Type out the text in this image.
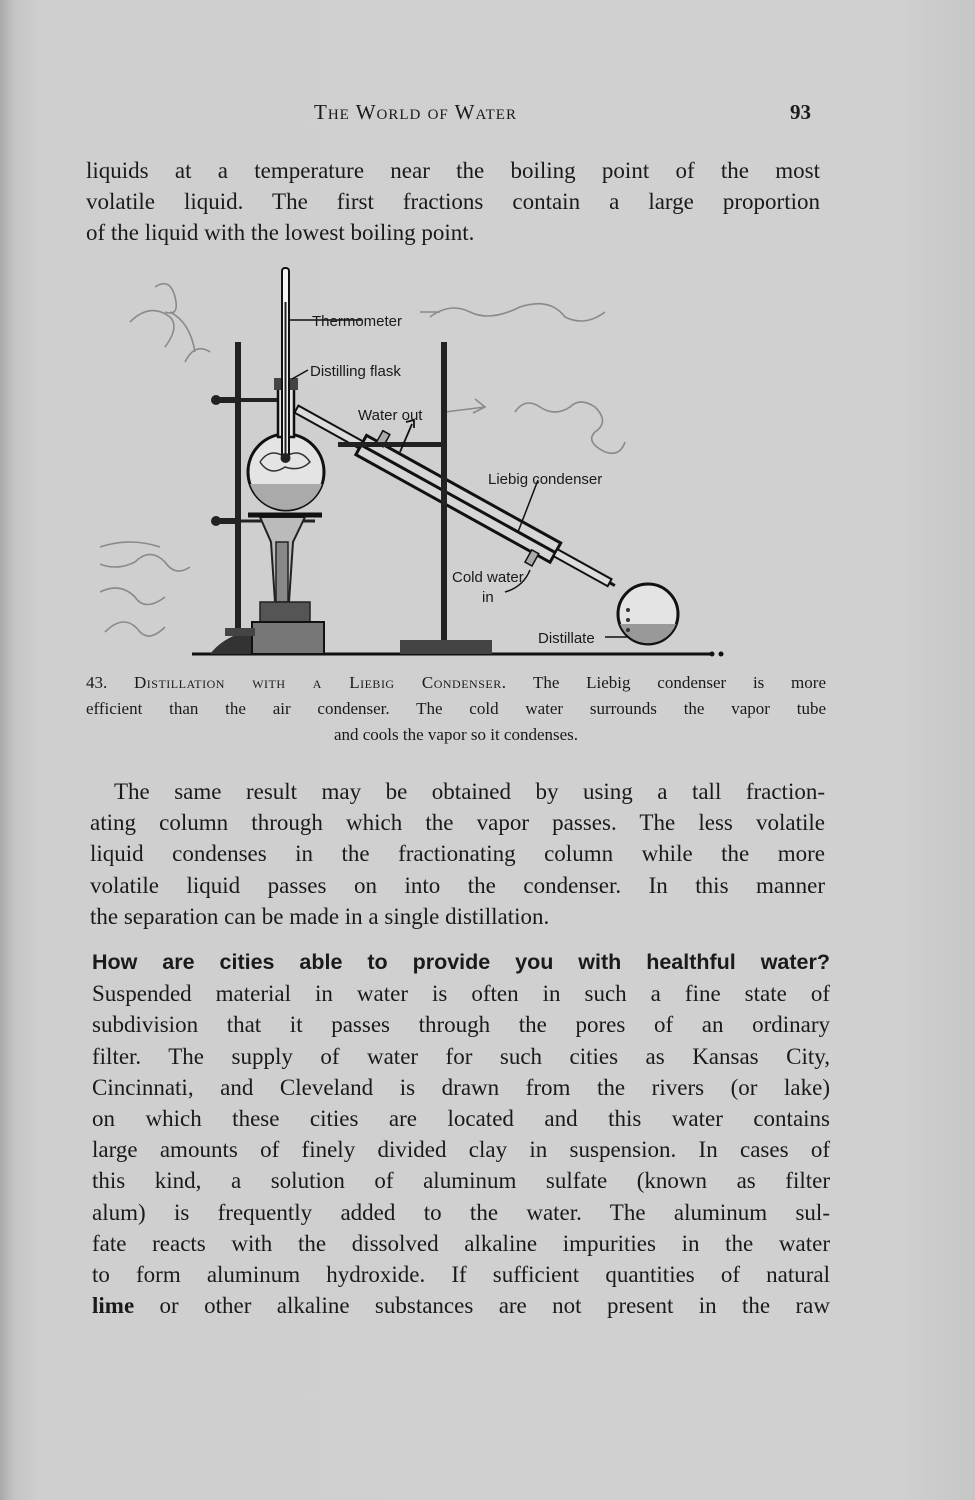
The World of Water	93
liquids at a temperature near the boiling point of the most
volatile liquid. The first fractions contain a large proportion
of the liquid with the lowest boiling point.
Thermometer
Distilling flask
Water out
Liebig condenser
Cold water
in
Distillate
43. Distillation with a Liebig Condenser. The Liebig condenser is more
efficient than the air condenser. The cold water surrounds the vapor tube
and cools the vapor so it condenses.
The same result may be obtained by using a tall fraction-
ating column through which the vapor passes. The less volatile
liquid condenses in the fractionating column while the more
volatile liquid passes on into the condenser. In this manner
the separation can be made in a single distillation.
How are cities able to provide you with healthful water?
Suspended material in water is often in such a fine state of
subdivision that it passes through the pores of an ordinary
filter. The supply of water for such cities as Kansas City,
Cincinnati, and Cleveland is drawn from the rivers (or lake)
on which these cities are located and this water contains
large amounts of finely divided clay in suspension. In cases of
this kind, a solution of aluminum sulfate (known as filter
alum) is frequently added to the water. The aluminum sul-
fate reacts with the dissolved alkaline impurities in the water
to form aluminum hydroxide. If sufficient quantities of natural
lime or other alkaline substances are not present in the raw
